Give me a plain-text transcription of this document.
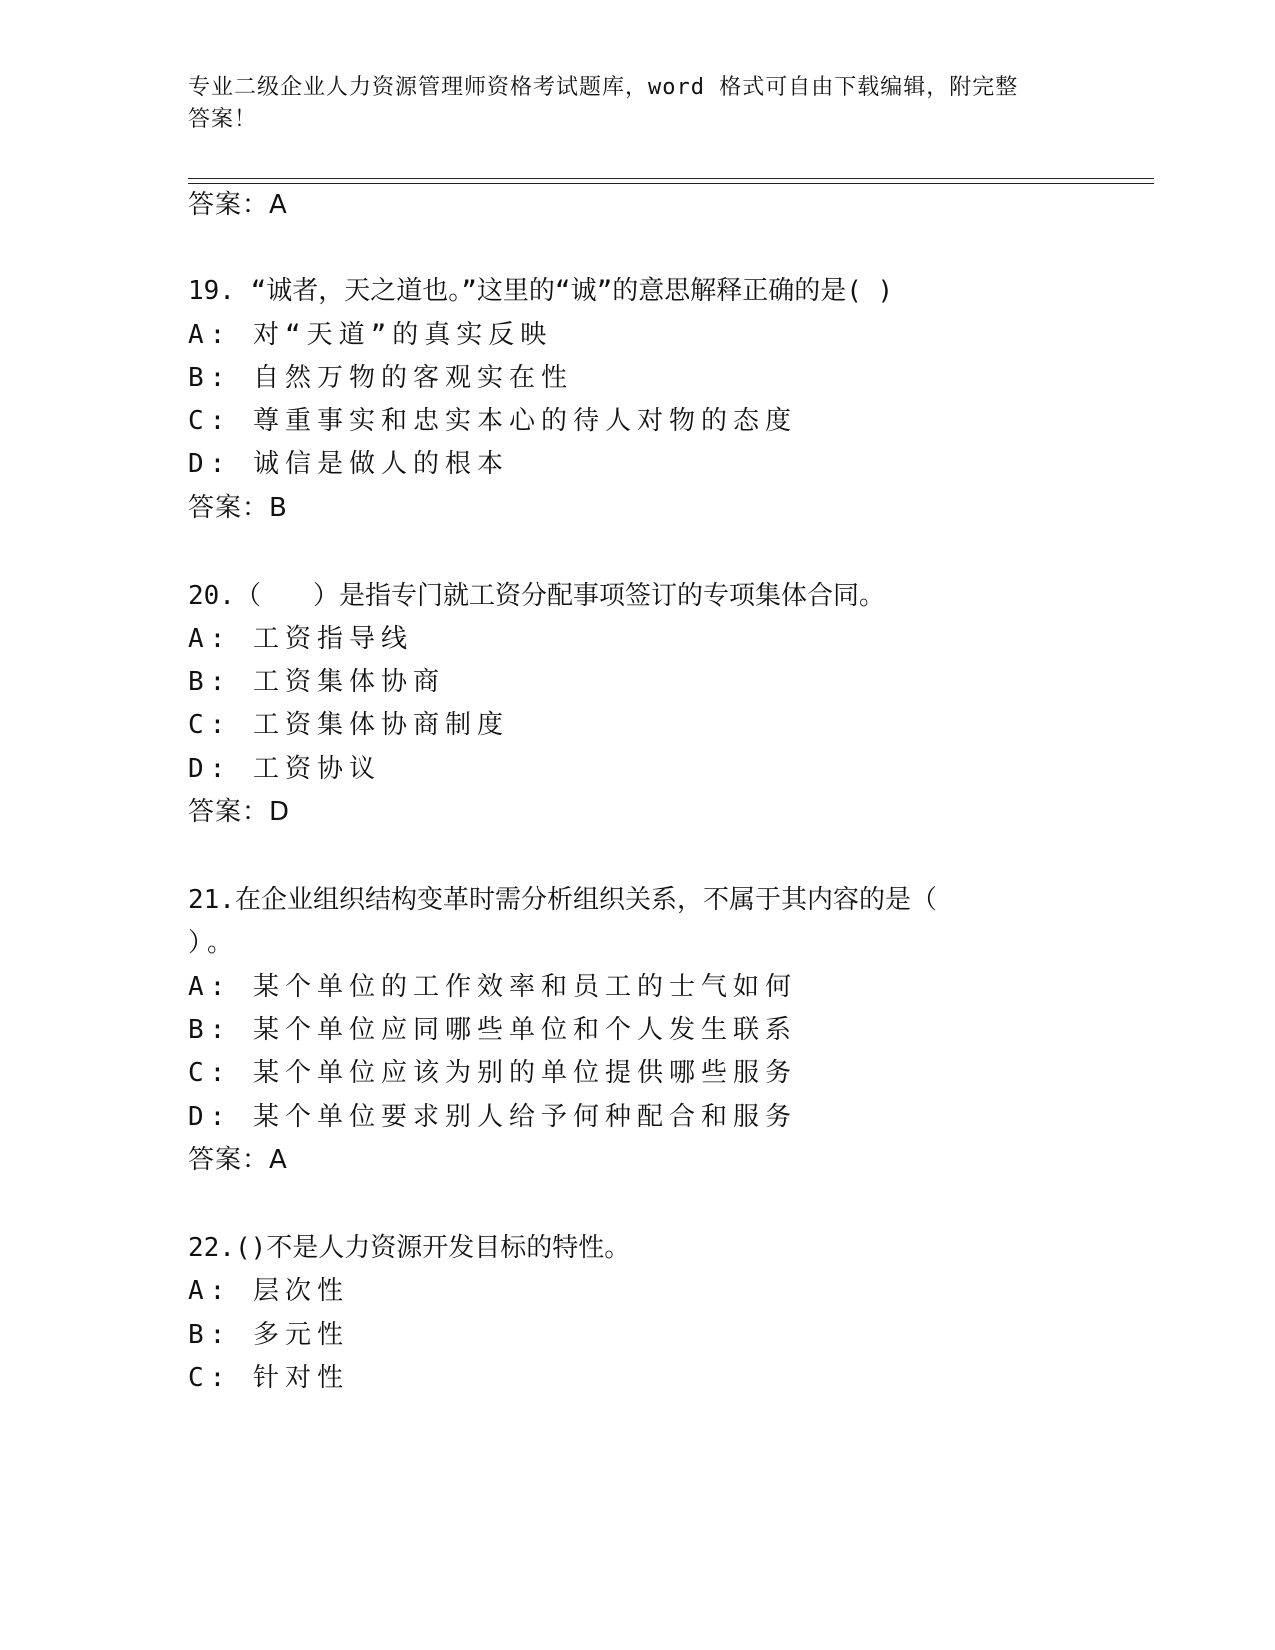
专业二级企业人力资源管理师资格考试题库，word 格式可自由下载编辑，附完整
答案！
答案：A
19. “诚者，天之道也。”这里的“诚”的意思解释正确的是( )
A: 对“天道”的真实反映
B: 自然万物的客观实在性
C: 尊重事实和忠实本心的待人对物的态度
D: 诚信是做人的根本
答案：B
20.（　　）是指专门就工资分配事项签订的专项集体合同。
A: 工资指导线
B: 工资集体协商
C: 工资集体协商制度
D: 工资协议
答案：D
21.在企业组织结构变革时需分析组织关系，不属于其内容的是（
）。
A: 某个单位的工作效率和员工的士气如何
B: 某个单位应同哪些单位和个人发生联系
C: 某个单位应该为别的单位提供哪些服务
D: 某个单位要求别人给予何种配合和服务
答案：A
22.()不是人力资源开发目标的特性。
A: 层次性
B: 多元性
C: 针对性
